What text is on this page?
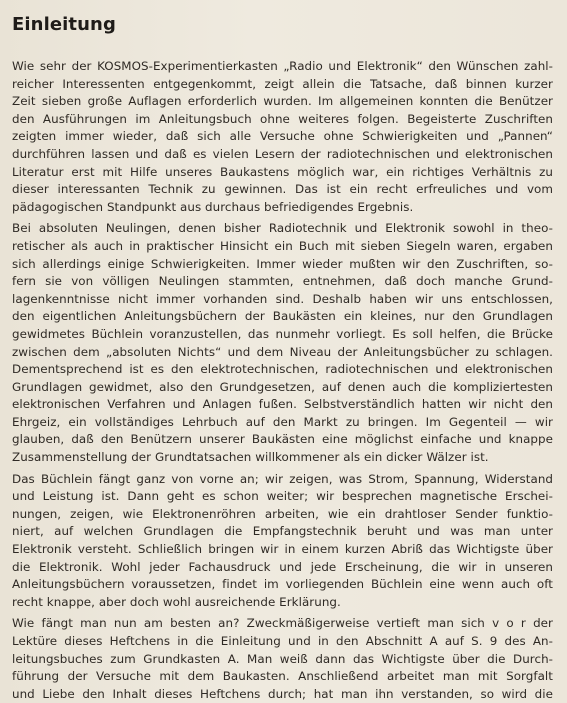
Einleitung
Wie sehr der KOSMOS-Experimentierkasten „Radio und Elektronik“ den Wünschen zahl-
reicher Interessenten entgegenkommt, zeigt allein die Tatsache, daß binnen kurzer
Zeit sieben große Auflagen erforderlich wurden. Im allgemeinen konnten die Benützer
den Ausführungen im Anleitungsbuch ohne weiteres folgen. Begeisterte Zuschriften
zeigten immer wieder, daß sich alle Versuche ohne Schwierigkeiten und „Pannen“
durchführen lassen und daß es vielen Lesern der radiotechnischen und elektronischen
Literatur erst mit Hilfe unseres Baukastens möglich war, ein richtiges Verhältnis zu
dieser interessanten Technik zu gewinnen. Das ist ein recht erfreuliches und vom
pädagogischen Standpunkt aus durchaus befriedigendes Ergebnis.
Bei absoluten Neulingen, denen bisher Radiotechnik und Elektronik sowohl in theo-
retischer als auch in praktischer Hinsicht ein Buch mit sieben Siegeln waren, ergaben
sich allerdings einige Schwierigkeiten. Immer wieder mußten wir den Zuschriften, so-
fern sie von völligen Neulingen stammten, entnehmen, daß doch manche Grund-
lagenkenntnisse nicht immer vorhanden sind. Deshalb haben wir uns entschlossen,
den eigentlichen Anleitungsbüchern der Baukästen ein kleines, nur den Grundlagen
gewidmetes Büchlein voranzustellen, das nunmehr vorliegt. Es soll helfen, die Brücke
zwischen dem „absoluten Nichts“ und dem Niveau der Anleitungsbücher zu schlagen.
Dementsprechend ist es den elektrotechnischen, radiotechnischen und elektronischen
Grundlagen gewidmet, also den Grundgesetzen, auf denen auch die kompliziertesten
elektronischen Verfahren und Anlagen fußen. Selbstverständlich hatten wir nicht den
Ehrgeiz, ein vollständiges Lehrbuch auf den Markt zu bringen. Im Gegenteil — wir
glauben, daß den Benützern unserer Baukästen eine möglichst einfache und knappe
Zusammenstellung der Grundtatsachen willkommener als ein dicker Wälzer ist.
Das Büchlein fängt ganz von vorne an; wir zeigen, was Strom, Spannung, Widerstand
und Leistung ist. Dann geht es schon weiter; wir besprechen magnetische Erschei-
nungen, zeigen, wie Elektronenröhren arbeiten, wie ein drahtloser Sender funktio-
niert, auf welchen Grundlagen die Empfangstechnik beruht und was man unter
Elektronik versteht. Schließlich bringen wir in einem kurzen Abriß das Wichtigste über
die Elektronik. Wohl jeder Fachausdruck und jede Erscheinung, die wir in unseren
Anleitungsbüchern voraussetzen, findet im vorliegenden Büchlein eine wenn auch oft
recht knappe, aber doch wohl ausreichende Erklärung.
Wie fängt man nun am besten an? Zweckmäßigerweise vertieft man sich v o r der
Lektüre dieses Heftchens in die Einleitung und in den Abschnitt A auf S. 9 des An-
leitungsbuches zum Grundkasten A. Man weiß dann das Wichtigste über die Durch-
führung der Versuche mit dem Baukasten. Anschließend arbeitet man mit Sorgfalt
und Liebe den Inhalt dieses Heftchens durch; hat man ihn verstanden, so wird die
